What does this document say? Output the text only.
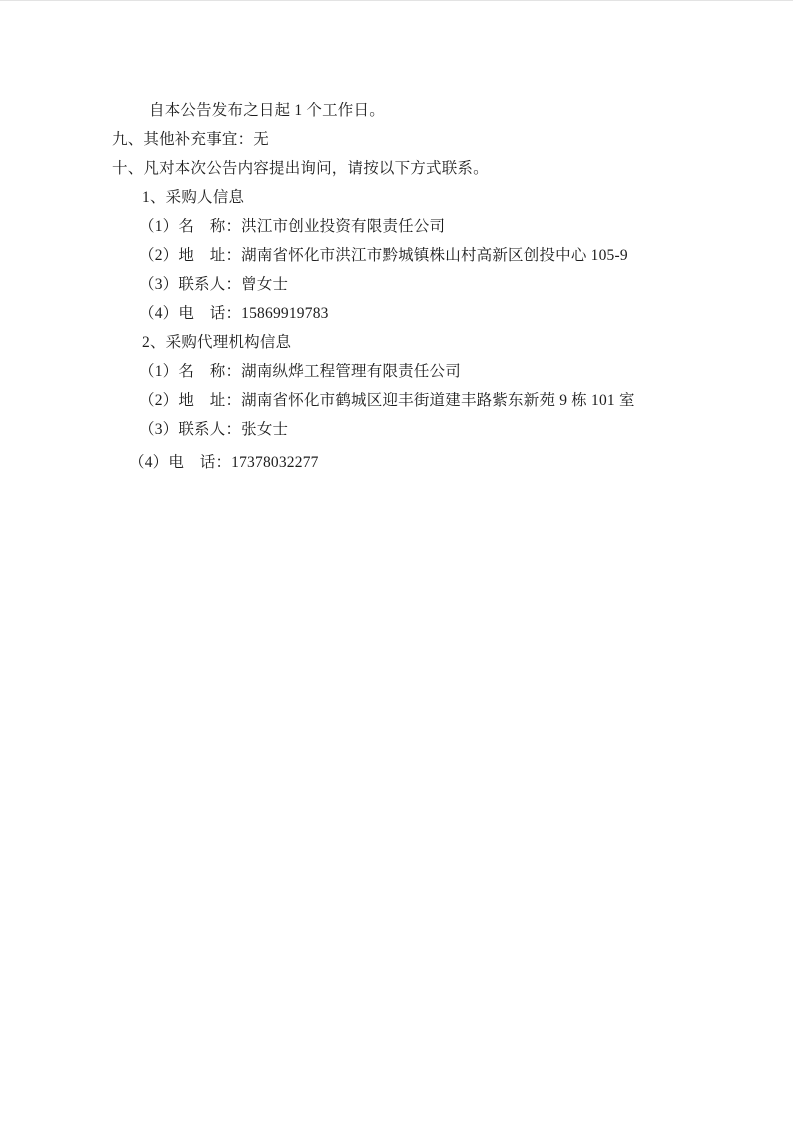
自本公告发布之日起 1 个工作日。

九、其他补充事宜：无

十、凡对本次公告内容提出询问，请按以下方式联系。

1、采购人信息

（1）名　称：洪江市创业投资有限责任公司

（2）地　址：湖南省怀化市洪江市黔城镇株山村高新区创投中心 105-9

（3）联系人：曾女士

（4）电　话：15869919783

2、采购代理机构信息

（1）名　称：湖南纵烨工程管理有限责任公司

（2）地　址：湖南省怀化市鹤城区迎丰街道建丰路紫东新苑 9 栋 101 室

（3）联系人：张女士

（4）电　话：17378032277
